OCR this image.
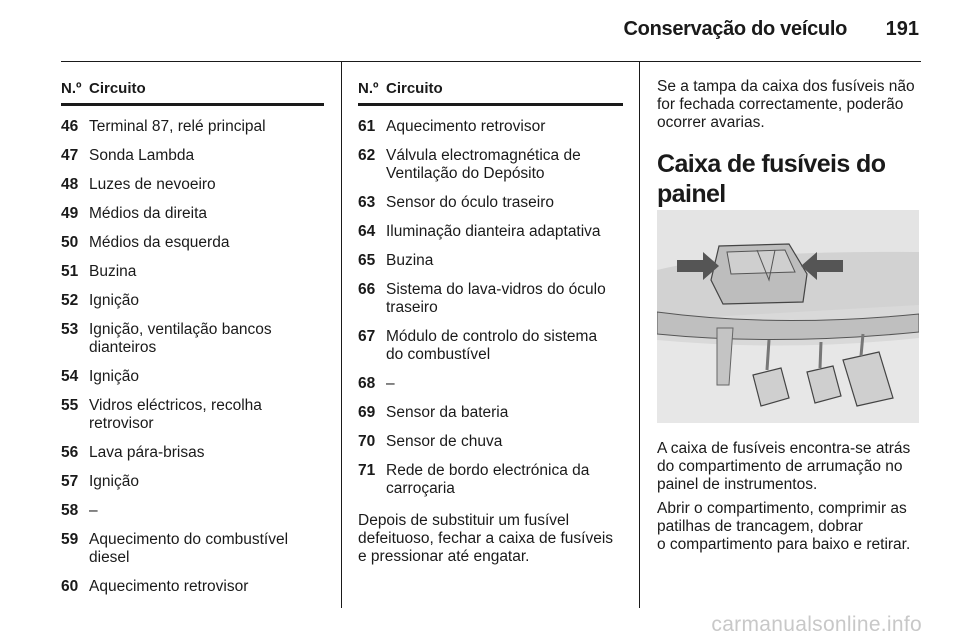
Conservação do veículo 191
N.º Circuito
46 Terminal 87, relé principal
47 Sonda Lambda
48 Luzes de nevoeiro
49 Médios da direita
50 Médios da esquerda
51 Buzina
52 Ignição
53 Ignição, ventilação bancos
dianteiros
54 Ignição
55 Vidros eléctricos, recolha
retrovisor
56 Lava pára-brisas
57 Ignição
58 –
59 Aquecimento do combustível
diesel
60 Aquecimento retrovisor
N.º Circuito
61 Aquecimento retrovisor
62 Válvula electromagnética de
Ventilação do Depósito
63 Sensor do óculo traseiro
64 Iluminação dianteira adaptativa
65 Buzina
66 Sistema do lava-vidros do óculo
traseiro
67 Módulo de controlo do sistema
do combustível
68 –
69 Sensor da bateria
70 Sensor de chuva
71 Rede de bordo electrónica da
carroçaria
Depois de substituir um fusível
defeituoso, fechar a caixa de fusíveis
e pressionar até engatar.
Se a tampa da caixa dos fusíveis não
for fechada correctamente, poderão
ocorrer avarias.
Caixa de fusíveis do painel

A caixa de fusíveis encontra-se atrás
do compartimento de arrumação no
painel de instrumentos.
Abrir o compartimento, comprimir as
patilhas de trancagem, dobrar
o compartimento para baixo e retirar.
carmanualsonline.info
